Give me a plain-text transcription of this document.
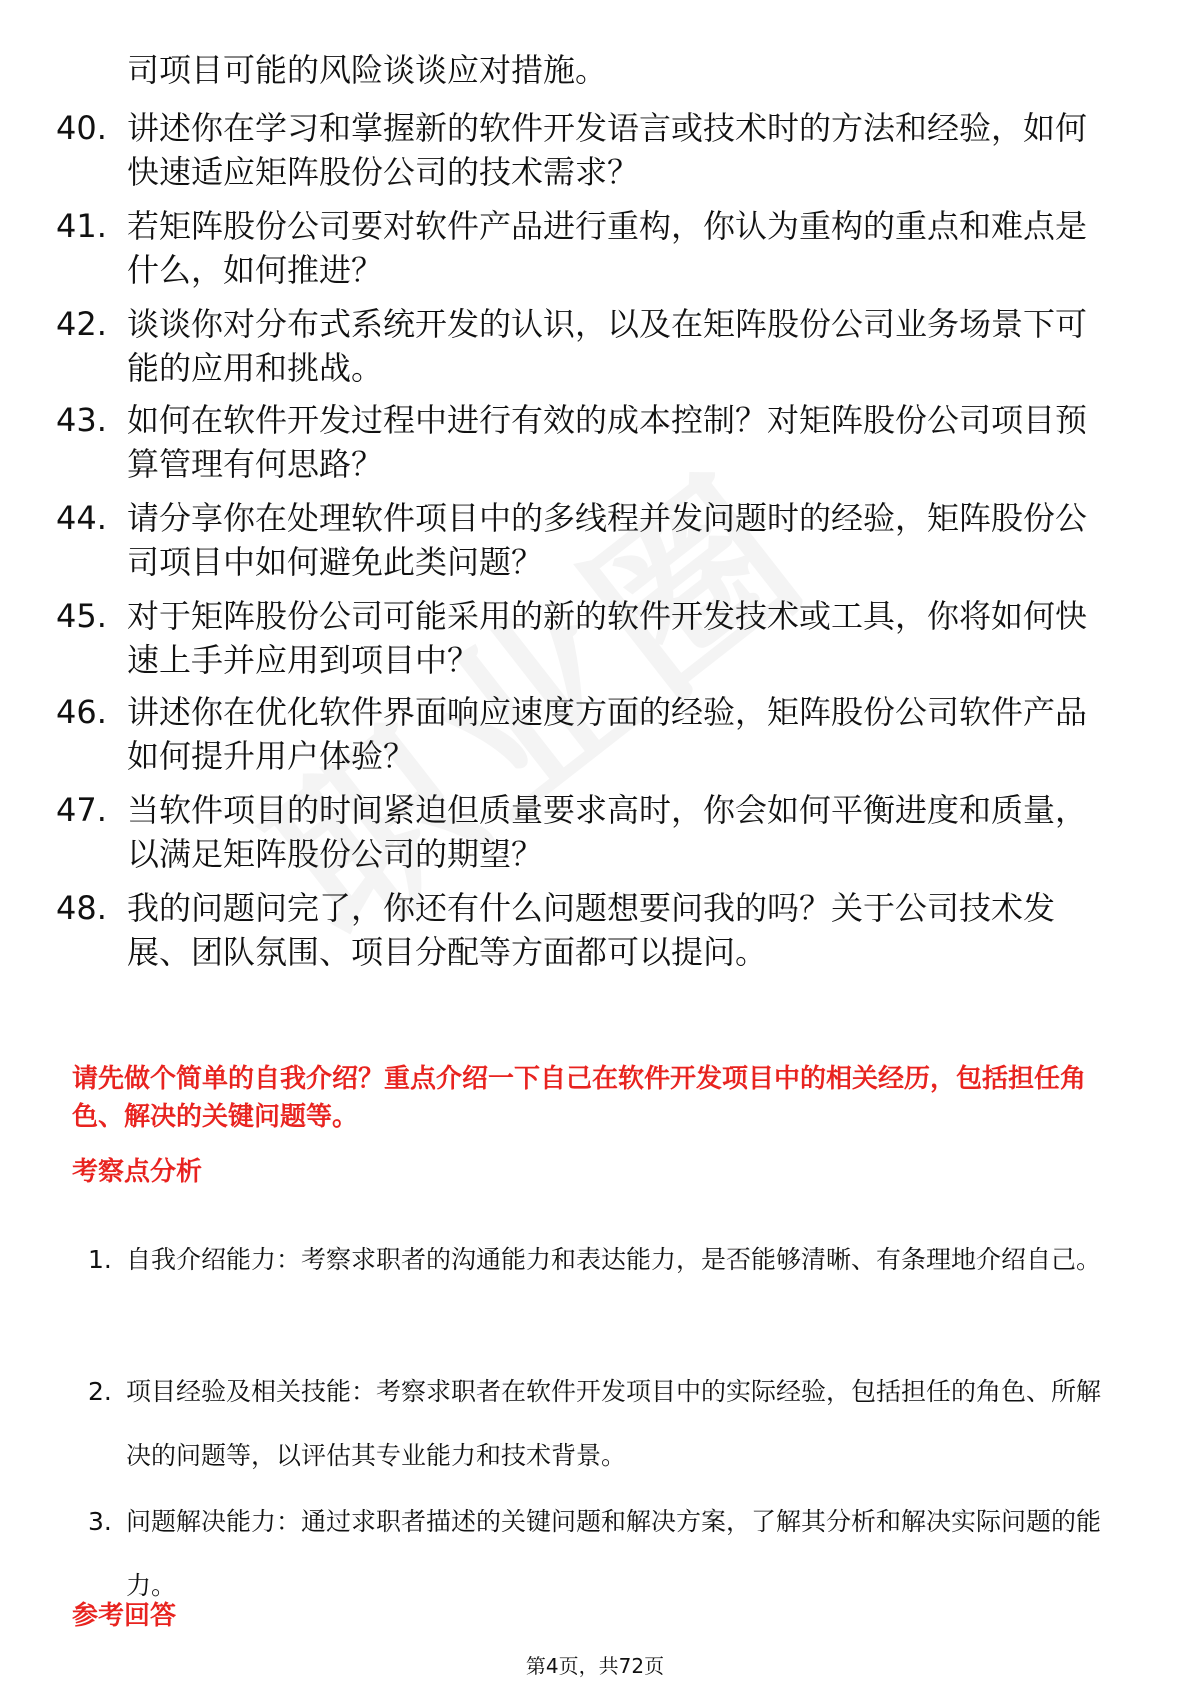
司项目可能的风险谈谈应对措施。

40. 讲述你在学习和掌握新的软件开发语言或技术时的方法和经验，如何快速适应矩阵股份公司的技术需求？

41. 若矩阵股份公司要对软件产品进行重构，你认为重构的重点和难点是什么，如何推进？

42. 谈谈你对分布式系统开发的认识，以及在矩阵股份公司业务场景下可能的应用和挑战。

43. 如何在软件开发过程中进行有效的成本控制？对矩阵股份公司项目预算管理有何思路？

44. 请分享你在处理软件项目中的多线程并发问题时的经验，矩阵股份公司项目中如何避免此类问题？

45. 对于矩阵股份公司可能采用的新的软件开发技术或工具，你将如何快速上手并应用到项目中？

46. 讲述你在优化软件界面响应速度方面的经验，矩阵股份公司软件产品如何提升用户体验？

47. 当软件项目的时间紧迫但质量要求高时，你会如何平衡进度和质量，以满足矩阵股份公司的期望？

48. 我的问题问完了，你还有什么问题想要问我的吗？关于公司技术发展、团队氛围、项目分配等方面都可以提问。

请先做个简单的自我介绍？重点介绍一下自己在软件开发项目中的相关经历，包括担任角色、解决的关键问题等。

考察点分析

1. 自我介绍能力：考察求职者的沟通能力和表达能力，是否能够清晰、有条理地介绍自己。

2. 项目经验及相关技能：考察求职者在软件开发项目中的实际经验，包括担任的角色、所解决的问题等，以评估其专业能力和技术背景。

3. 问题解决能力：通过求职者描述的关键问题和解决方案，了解其分析和解决实际问题的能力。

参考回答

第4页，共72页
